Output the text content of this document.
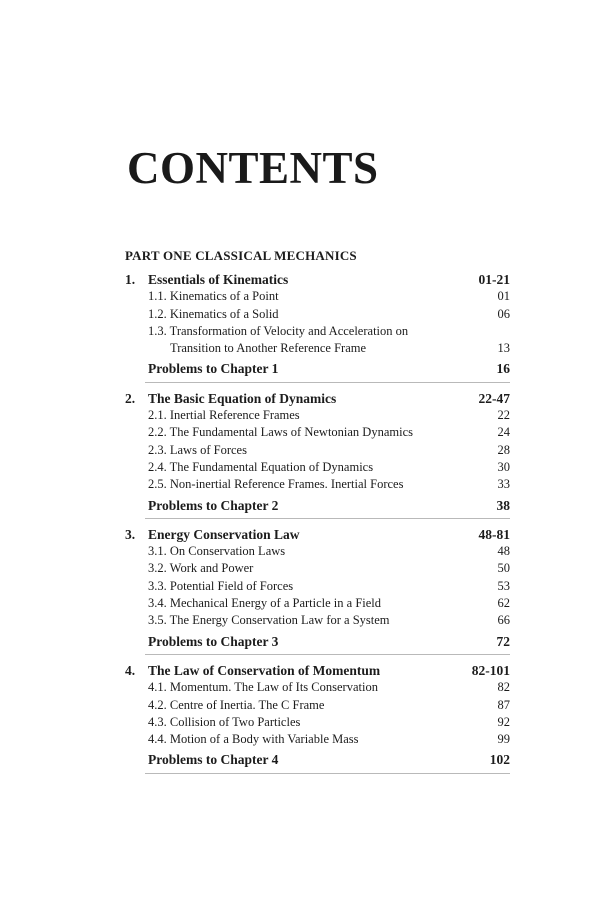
CONTENTS
PART ONE CLASSICAL MECHANICS
1. Essentials of Kinematics	01-21
1.1. Kinematics of a Point	01
1.2. Kinematics of a Solid	06
1.3. Transformation of Velocity and Acceleration on
Transition to Another Reference Frame	13
Problems to Chapter 1	16
2. The Basic Equation of Dynamics	22-47
2.1. Inertial Reference Frames	22
2.2. The Fundamental Laws of Newtonian Dynamics	24
2.3. Laws of Forces	28
2.4. The Fundamental Equation of Dynamics	30
2.5. Non-inertial Reference Frames. Inertial Forces	33
Problems to Chapter 2	38
3. Energy Conservation Law	48-81
3.1. On Conservation Laws	48
3.2. Work and Power	50
3.3. Potential Field of Forces	53
3.4. Mechanical Energy of a Particle in a Field	62
3.5. The Energy Conservation Law for a System	66
Problems to Chapter 3	72
4. The Law of Conservation of Momentum	82-101
4.1. Momentum. The Law of Its Conservation	82
4.2. Centre of Inertia. The C Frame	87
4.3. Collision of Two Particles	92
4.4. Motion of a Body with Variable Mass	99
Problems to Chapter 4	102
